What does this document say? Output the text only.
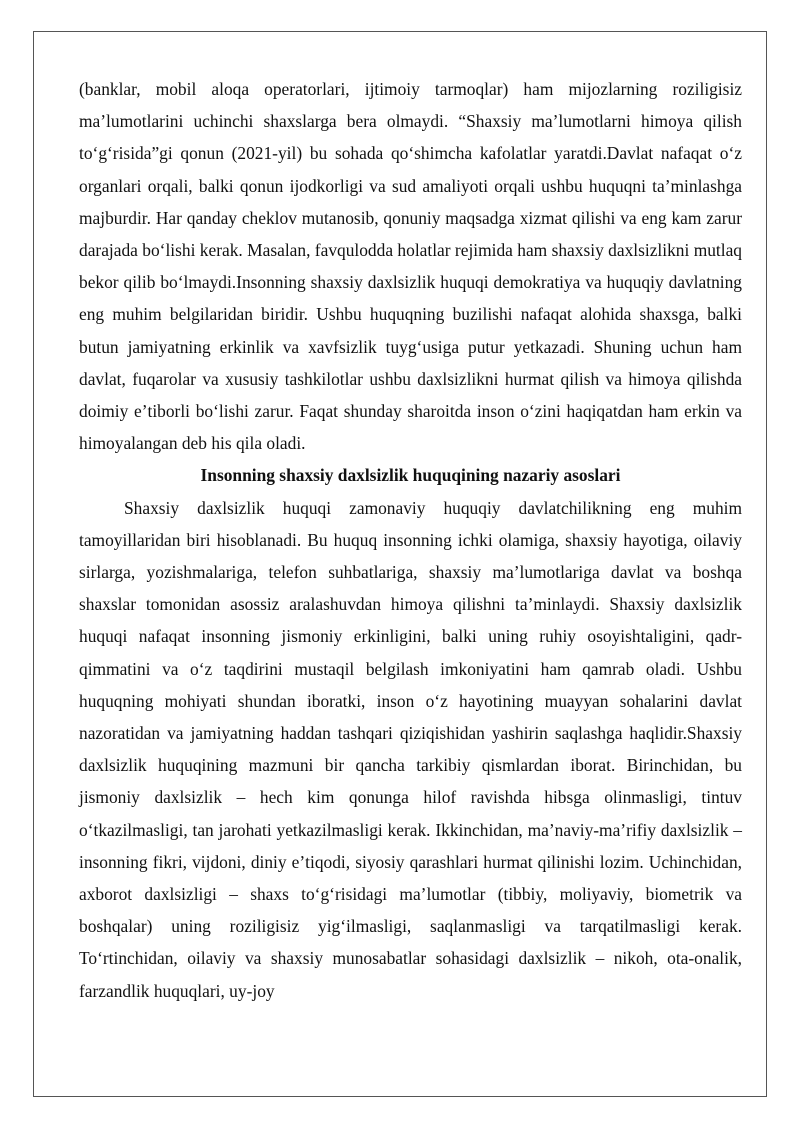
(banklar, mobil aloqa operatorlari, ijtimoiy tarmoqlar) ham mijozlarning roziligisiz maʼlumotlarini uchinchi shaxslarga bera olmaydi. “Shaxsiy maʼlumotlarni himoya qilish toʻgʻrisida”gi qonun (2021-yil) bu sohada qoʻshimcha kafolatlar yaratdi.Davlat nafaqat oʻz organlari orqali, balki qonun ijodkorligi va sud amaliyoti orqali ushbu huquqni taʼminlashga majburdir. Har qanday cheklov mutanosib, qonuniy maqsadga xizmat qilishi va eng kam zarur darajada boʻlishi kerak. Masalan, favqulodda holatlar rejimida ham shaxsiy daxlsizlikni mutlaq bekor qilib boʻlmaydi.Insonning shaxsiy daxlsizlik huquqi demokratiya va huquqiy davlatning eng muhim belgilaridan biridir. Ushbu huquqning buzilishi nafaqat alohida shaxsga, balki butun jamiyatning erkinlik va xavfsizlik tuygʻusiga putur yetkazadi. Shuning uchun ham davlat, fuqarolar va xususiy tashkilotlar ushbu daxlsizlikni hurmat qilish va himoya qilishda doimiy eʼtiborli boʻlishi zarur. Faqat shunday sharoitda inson oʻzini haqiqatdan ham erkin va himoyalangan deb his qila oladi.

Insonning shaxsiy daxlsizlik huquqining nazariy asoslari

Shaxsiy daxlsizlik huquqi zamonaviy huquqiy davlatchilikning eng muhim tamoyillaridan biri hisoblanadi. Bu huquq insonning ichki olamiga, shaxsiy hayotiga, oilaviy sirlarga, yozishmalariga, telefon suhbatlariga, shaxsiy maʼlumotlariga davlat va boshqa shaxslar tomonidan asossiz aralashuvdan himoya qilishni taʼminlaydi. Shaxsiy daxlsizlik huquqi nafaqat insonning jismoniy erkinligini, balki uning ruhiy osoyishtaligini, qadr-qimmatini va oʻz taqdirini mustaqil belgilash imkoniyatini ham qamrab oladi. Ushbu huquqning mohiyati shundan iboratki, inson oʻz hayotining muayyan sohalarini davlat nazoratidan va jamiyatning haddan tashqari qiziqishidan yashirin saqlashga haqlidir.Shaxsiy daxlsizlik huquqining mazmuni bir qancha tarkibiy qismlardan iborat. Birinchidan, bu jismoniy daxlsizlik – hech kim qonunga hilof ravishda hibsga olinmasligi, tintuv oʻtkazilmasligi, tan jarohati yetkazilmasligi kerak. Ikkinchidan, maʼnaviy-maʼrifiy daxlsizlik – insonning fikri, vijdoni, diniy eʼtiqodi, siyosiy qarashlari hurmat qilinishi lozim. Uchinchidan, axborot daxlsizligi – shaxs toʻgʻrisidagi maʼlumotlar (tibbiy, moliyaviy, biometrik va boshqalar) uning roziligisiz yigʻilmasligi, saqlanmasligi va tarqatilmasligi kerak. Toʻrtinchidan, oilaviy va shaxsiy munosabatlar sohasidagi daxlsizlik – nikoh, ota-onalik, farzandlik huquqlari, uy-joy
